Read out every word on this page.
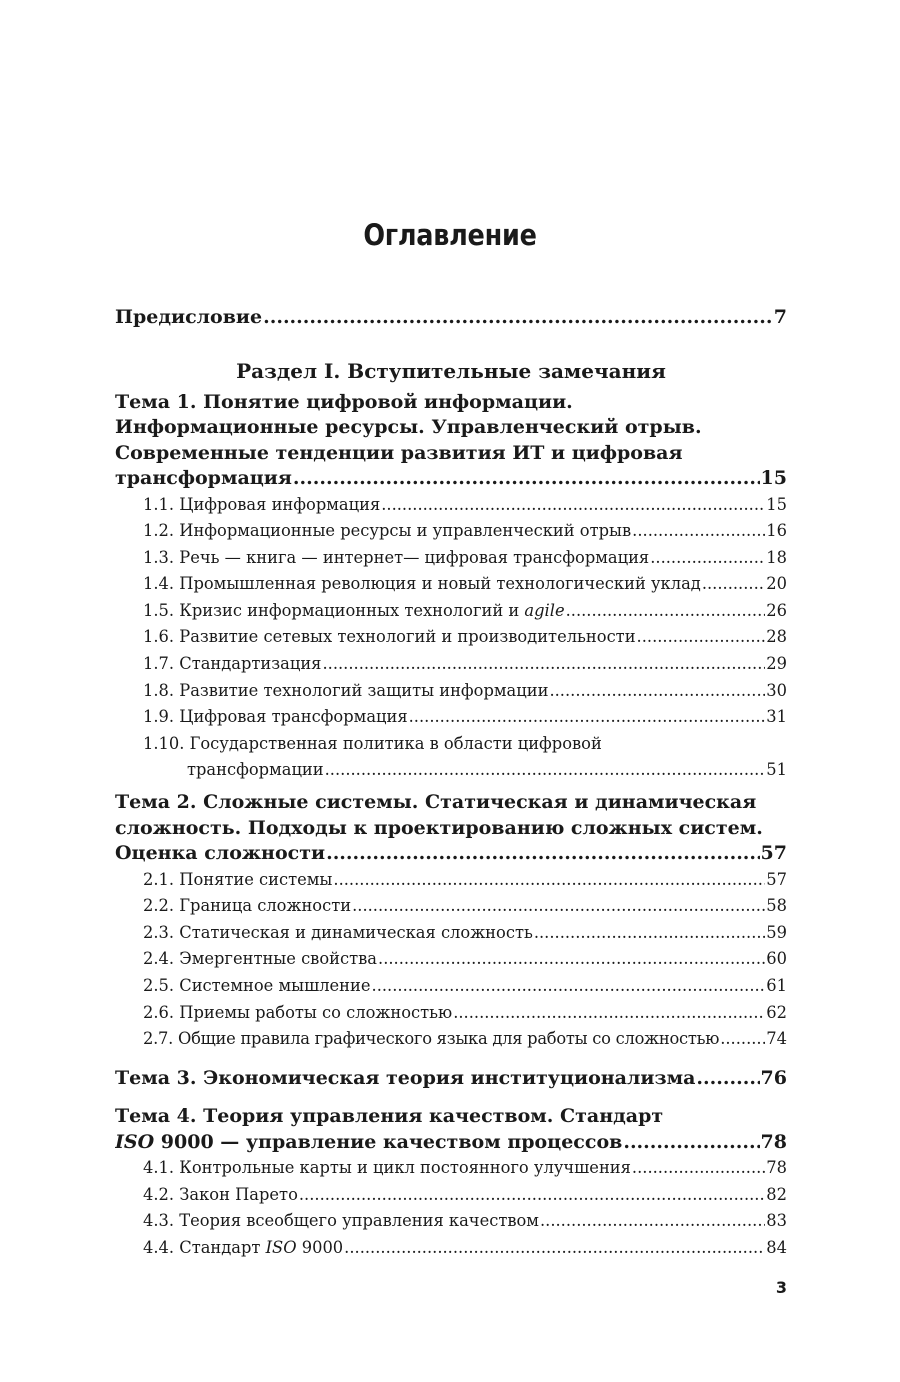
Оглавление
Предисловие .....	7
Раздел I. Вступительные замечания
Тема 1. Понятие цифровой информации.
Информационные ресурсы. Управленческий отрыв.
Современные тенденции развития ИТ и цифровая
трансформация .....	15
1.1. Цифровая информация .....	15
1.2. Информационные ресурсы и управленческий отрыв .....	16
1.3. Речь — книга — интернет— цифровая трансформация .....	18
1.4. Промышленная революция и новый технологический уклад .....	20
1.5. Кризис информационных технологий и agile .....	26
1.6. Развитие сетевых технологий и производительности .....	28
1.7. Стандартизация .....	29
1.8. Развитие технологий защиты информации .....	30
1.9. Цифровая трансформация .....	31
1.10. Государственная политика в области цифровой
трансформации .....	51
Тема 2. Сложные системы. Статическая и динамическая
сложность. Подходы к проектированию сложных систем.
Оценка сложности .....	57
2.1. Понятие системы .....	57
2.2. Граница сложности .....	58
2.3. Статическая и динамическая сложность .....	59
2.4. Эмергентные свойства .....	60
2.5. Системное мышление .....	61
2.6. Приемы работы со сложностью .....	62
2.7. Общие правила графического языка для работы со сложностью .....	74
Тема 3. Экономическая теория институционализма .....	76
Тема 4. Теория управления качеством. Стандарт
ISO 9000 — управление качеством процессов .....	78
4.1. Контрольные карты и цикл постоянного улучшения .....	78
4.2. Закон Парето .....	82
4.3. Теория всеобщего управления качеством .....	83
4.4. Стандарт ISO 9000 .....	84
3
